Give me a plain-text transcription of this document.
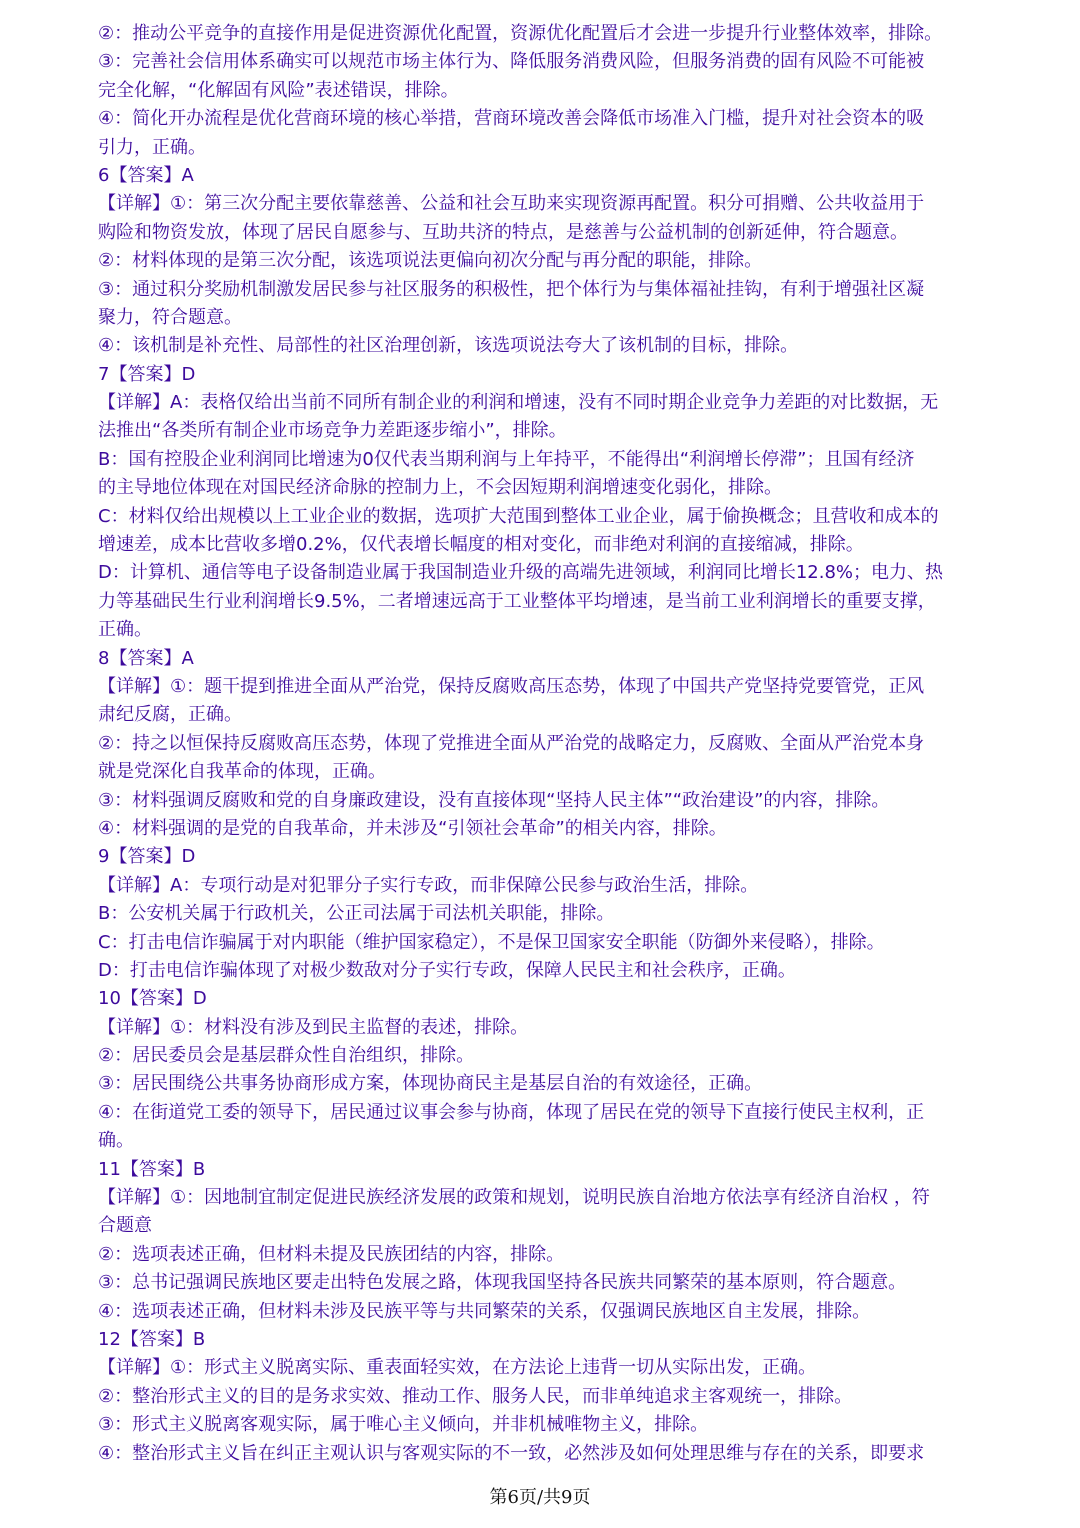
②：推动公平竞争的直接作用是促进资源优化配置，资源优化配置后才会进一步提升行业整体效率，排除。
③：完善社会信用体系确实可以规范市场主体行为、降低服务消费风险，但服务消费的固有风险不可能被
完全化解，“化解固有风险”表述错误，排除。
④：简化开办流程是优化营商环境的核心举措，营商环境改善会降低市场准入门槛，提升对社会资本的吸
引力，正确。
6【答案】A
【详解】①：第三次分配主要依靠慈善、公益和社会互助来实现资源再配置。积分可捐赠、公共收益用于
购险和物资发放，体现了居民自愿参与、互助共济的特点，是慈善与公益机制的创新延伸，符合题意。
②：材料体现的是第三次分配，该选项说法更偏向初次分配与再分配的职能，排除。
③：通过积分奖励机制激发居民参与社区服务的积极性，把个体行为与集体福祉挂钩，有利于增强社区凝
聚力，符合题意。
④：该机制是补充性、局部性的社区治理创新，该选项说法夸大了该机制的目标，排除。
7【答案】D
【详解】A：表格仅给出当前不同所有制企业的利润和增速，没有不同时期企业竞争力差距的对比数据，无
法推出“各类所有制企业市场竞争力差距逐步缩小”，排除。
B：国有控股企业利润同比增速为0仅代表当期利润与上年持平，不能得出“利润增长停滞”；且国有经济
的主导地位体现在对国民经济命脉的控制力上，不会因短期利润增速变化弱化，排除。
C：材料仅给出规模以上工业企业的数据，选项扩大范围到整体工业企业，属于偷换概念；且营收和成本的
增速差，成本比营收多增0.2%，仅代表增长幅度的相对变化，而非绝对利润的直接缩减，排除。
D：计算机、通信等电子设备制造业属于我国制造业升级的高端先进领域，利润同比增长12.8%；电力、热
力等基础民生行业利润增长9.5%，二者增速远高于工业整体平均增速，是当前工业利润增长的重要支撑，
正确。
8【答案】A
【详解】①：题干提到推进全面从严治党，保持反腐败高压态势，体现了中国共产党坚持党要管党，正风
肃纪反腐，正确。
②：持之以恒保持反腐败高压态势，体现了党推进全面从严治党的战略定力，反腐败、全面从严治党本身
就是党深化自我革命的体现，正确。
③：材料强调反腐败和党的自身廉政建设，没有直接体现“坚持人民主体”“政治建设”的内容，排除。
④：材料强调的是党的自我革命，并未涉及“引领社会革命”的相关内容，排除。
9【答案】D
【详解】A：专项行动是对犯罪分子实行专政，而非保障公民参与政治生活，排除。
B：公安机关属于行政机关，公正司法属于司法机关职能，排除。
C：打击电信诈骗属于对内职能（维护国家稳定），不是保卫国家安全职能（防御外来侵略），排除。
D：打击电信诈骗体现了对极少数敌对分子实行专政，保障人民民主和社会秩序，正确。
10【答案】D
【详解】①：材料没有涉及到民主监督的表述，排除。
②：居民委员会是基层群众性自治组织，排除。
③：居民围绕公共事务协商形成方案，体现协商民主是基层自治的有效途径，正确。
④：在街道党工委的领导下，居民通过议事会参与协商，体现了居民在党的领导下直接行使民主权利，正
确。
11【答案】B
【详解】①：因地制宜制定促进民族经济发展的政策和规划，说明民族自治地方依法享有经济自治权 ，符
合题意
②：选项表述正确，但材料未提及民族团结的内容，排除。
③：总书记强调民族地区要走出特色发展之路，体现我国坚持各民族共同繁荣的基本原则，符合题意。
④：选项表述正确，但材料未涉及民族平等与共同繁荣的关系，仅强调民族地区自主发展，排除。
12【答案】B
【详解】①：形式主义脱离实际、重表面轻实效，在方法论上违背一切从实际出发，正确。
②：整治形式主义的目的是务求实效、推动工作、服务人民，而非单纯追求主客观统一，排除。
③：形式主义脱离客观实际，属于唯心主义倾向，并非机械唯物主义，排除。
④：整治形式主义旨在纠正主观认识与客观实际的不一致，必然涉及如何处理思维与存在的关系，即要求
第6页/共9页
